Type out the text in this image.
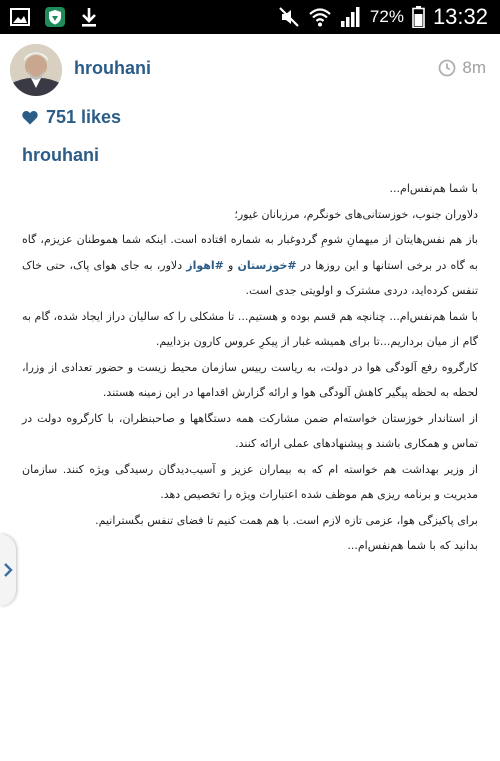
72% 13:32
hrouhani	8m
751 likes
hrouhani

با شما هم‌نفس‌ام...

دلاوران جنوب، خوزستانی‌های خونگرم، مرزبانان غیور؛

باز هم نفس‌هایتان از میهمانِ شومِ گردوغبار به شماره افتاده است. اینکه شما هموطنان عزیزم، گاه به گاه در برخی استانها و این روزها در #خوزستان و #اهواز دلاور، به جای هوای پاک، حتی خاک تنفس کرده‌اید، دردی مشترک و اولویتی جدی است.

با شما هم‌نفس‌ام... چنانچه هم قسم بوده و هستیم... تا مشکلی را که سالیان دراز ایجاد شده، گام به گام از میان برداریم...تا برای همیشه غبار از پیکرِ عروس کارون بزداییم.

کارگروه رفع آلودگی هوا در دولت، به ریاست رییس سازمان محیط زیست و حضور تعدادی از وزرا، لحظه به لحظه پیگیر کاهش آلودگی هوا و ارائه گزارش اقدامها در این زمینه هستند.

از استاندار خوزستان خواسته‌ام ضمن مشارکت همه دستگاهها و صاحبنظران، با کارگروه دولت در تماس و همکاری باشند و پیشنهادهای عملی ارائه کنند.

از وزیر بهداشت هم خواسته ام که به بیماران عزیز و آسیب‌دیدگان رسیدگی ویژه کنند. سازمان مدیریت و برنامه ریزی هم موظف شده اعتبارات ویژه را تخصیص دهد.

برای پاکیزگی هوا، عزمی تازه لازم است. با هم همت کنیم تا فضای تنفس بگسترانیم.

بدانید که با شما هم‌نفس‌ام...
